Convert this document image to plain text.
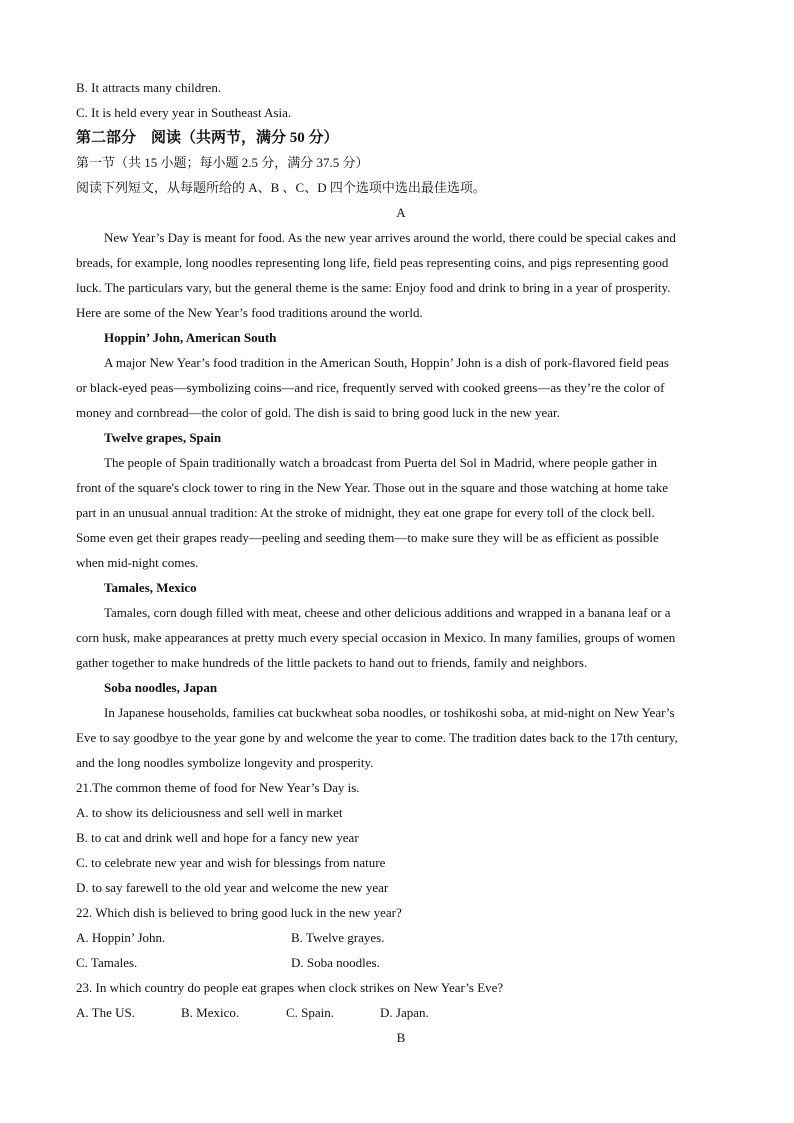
B. It attracts many children.
C. It is held every year in Southeast Asia.
第二部分　阅读（共两节，满分 50 分）
第一节（共 15 小题；每小题 2.5 分，满分 37.5 分）
阅读下列短文，从每题所给的 A、B 、C、D 四个选项中选出最佳选项。
A
New Year’s Day is meant for food. As the new year arrives around the world, there could be special cakes and
breads, for example, long noodles representing long life, field peas representing coins, and pigs representing good
luck. The particulars vary, but the general theme is the same: Enjoy food and drink to bring in a year of prosperity.
Here are some of the New Year’s food traditions around the world.
Hoppin’ John, American South
A major New Year’s food tradition in the American South, Hoppin’ John is a dish of pork-flavored field peas
or black-eyed peas—symbolizing coins—and rice, frequently served with cooked greens—as they’re the color of
money and cornbread—the color of gold. The dish is said to bring good luck in the new year.
Twelve grapes, Spain
The people of Spain traditionally watch a broadcast from Puerta del Sol in Madrid, where people gather in
front of the square's clock tower to ring in the New Year. Those out in the square and those watching at home take
part in an unusual annual tradition: At the stroke of midnight, they eat one grape for every toll of the clock bell.
Some even get their grapes ready—peeling and seeding them—to make sure they will be as efficient as possible
when mid-night comes.
Tamales, Mexico
Tamales, corn dough filled with meat, cheese and other delicious additions and wrapped in a banana leaf or a
corn husk, make appearances at pretty much every special occasion in Mexico. In many families, groups of women
gather together to make hundreds of the little packets to hand out to friends, family and neighbors.
Soba noodles, Japan
In Japanese households, families cat buckwheat soba noodles, or toshikoshi soba, at mid-night on New Year’s
Eve to say goodbye to the year gone by and welcome the year to come. The tradition dates back to the 17th century,
and the long noodles symbolize longevity and prosperity.
21.The common theme of food for New Year’s Day is.
A. to show its deliciousness and sell well in market
B. to cat and drink well and hope for a fancy new year
C. to celebrate new year and wish for blessings from nature
D. to say farewell to the old year and welcome the new year
22. Which dish is believed to bring good luck in the new year?
A. Hoppin’ John.	B. Twelve grayes.
C. Tamales.	D. Soba noodles.
23. In which country do people eat grapes when clock strikes on New Year’s Eve?
A. The US.	B. Mexico.	C. Spain.	D. Japan.
B
